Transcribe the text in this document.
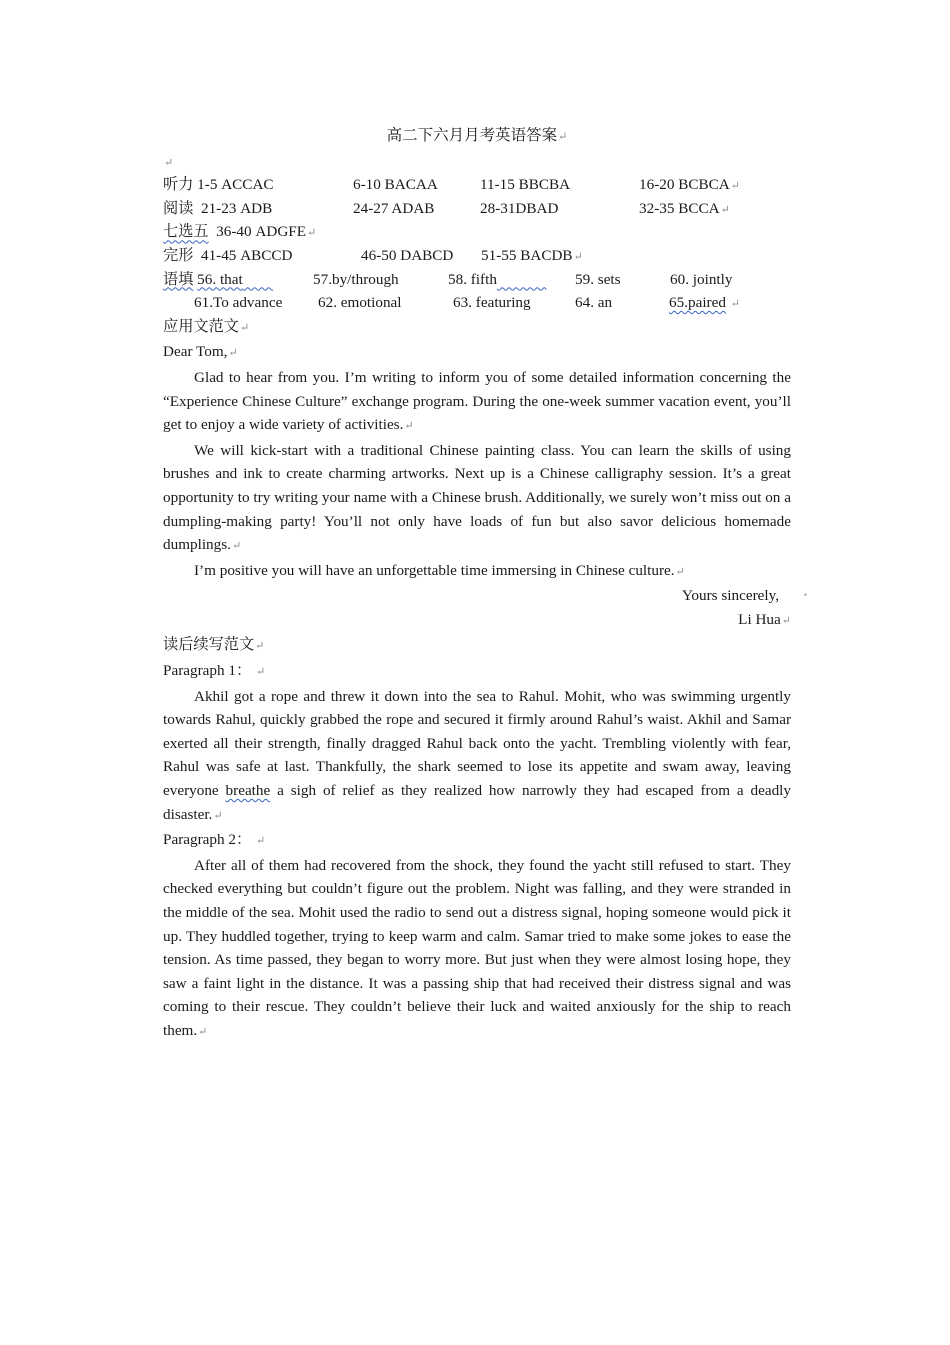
高二下六月月考英语答案↵
↵
听力 1-5 ACCAC	6-10 BACAA	11-15 BBCBA	16-20 BCBCA↵
阅读 21-23 ADB	24-27 ADAB	28-31DBAD	32-35 BCCA↵
七选五 36-40 ADGFE↵
完形 41-45 ABCCD	46-50 DABCD 51-55 BACDB↵
语填 56. that	57.by/through	58. fifth	59. sets	60. jointly
61.To advance 62. emotional	63. featuring	64. an	65.paired ↵
应用文范文↵
Dear Tom,↵

Glad to hear from you. I’m writing to inform you of some detailed information concerning the “Experience Chinese Culture” exchange program. During the one-week summer vacation event, you’ll get to enjoy a wide variety of activities.↵

We will kick-start with a traditional Chinese painting class. You can learn the skills of using brushes and ink to create charming artworks. Next up is a Chinese calligraphy session. It’s a great opportunity to try writing your name with a Chinese brush. Additionally, we surely won’t miss out on a dumpling-making party! You’ll not only have loads of fun but also savor delicious homemade dumplings.↵

I’m positive you will have an unforgettable time immersing in Chinese culture.↵

Yours sincerely,	•
Li Hua↵
读后续写范文↵
Paragraph 1： ↵

Akhil got a rope and threw it down into the sea to Rahul. Mohit, who was swimming urgently towards Rahul, quickly grabbed the rope and secured it firmly around Rahul’s waist. Akhil and Samar exerted all their strength, finally dragged Rahul back onto the yacht. Trembling violently with fear, Rahul was safe at last. Thankfully, the shark seemed to lose its appetite and swam away, leaving everyone breathe a sigh of relief as they realized how narrowly they had escaped from a deadly disaster.↵

Paragraph 2： ↵

After all of them had recovered from the shock, they found the yacht still refused to start. They checked everything but couldn’t figure out the problem. Night was falling, and they were stranded in the middle of the sea. Mohit used the radio to send out a distress signal, hoping someone would pick it up. They huddled together, trying to keep warm and calm. Samar tried to make some jokes to ease the tension. As time passed, they began to worry more. But just when they were almost losing hope, they saw a faint light in the distance. It was a passing ship that had received their distress signal and was coming to their rescue. They couldn’t believe their luck and waited anxiously for the ship to reach them.↵
